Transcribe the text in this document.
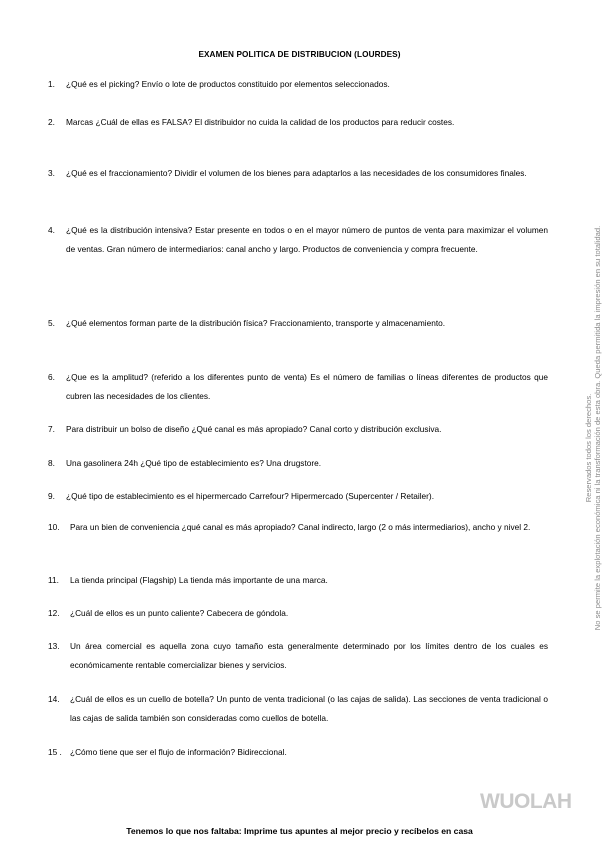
EXAMEN POLITICA DE DISTRIBUCION (LOURDES)
1. ¿Qué es el picking? Envío o lote de productos constituido por elementos seleccionados.
2. Marcas ¿Cuál de ellas es FALSA? El distribuidor no cuida la calidad de los productos para reducir costes.
3. ¿Qué es el fraccionamiento? Dividir el volumen de los bienes para adaptarlos a las necesidades de los consumidores finales.
4. ¿Qué es la distribución intensiva? Estar presente en todos o en el mayor número de puntos de venta para maximizar el volumen de ventas. Gran número de intermediarios: canal ancho y largo. Productos de conveniencia y compra frecuente.
5. ¿Qué elementos forman parte de la distribución física? Fraccionamiento, transporte y almacenamiento.
6. ¿Que es la amplitud? (referido a los diferentes punto de venta) Es el número de familias o líneas diferentes de productos que cubren las necesidades de los clientes.
7. Para distribuir un bolso de diseño ¿Qué canal es más apropiado? Canal corto y distribución exclusiva.
8. Una gasolinera 24h ¿Qué tipo de establecimiento es? Una drugstore.
9. ¿Qué tipo de establecimiento es el hipermercado Carrefour? Hipermercado (Supercenter / Retailer).
10. Para un bien de conveniencia ¿qué canal es más apropiado? Canal indirecto, largo (2 o más intermediarios), ancho y nivel 2.
11. La tienda principal (Flagship) La tienda más importante de una marca.
12. ¿Cuál de ellos es un punto caliente? Cabecera de góndola.
13. Un área comercial es aquella zona cuyo tamaño esta generalmente determinado por los límites dentro de los cuales es económicamente rentable comercializar bienes y servicios.
14. ¿Cuál de ellos es un cuello de botella? Un punto de venta tradicional (o las cajas de salida). Las secciones de venta tradicional o las cajas de salida también son consideradas como cuellos de botella.
15 . ¿Cómo tiene que ser el flujo de información? Bidireccional.
Reservados todos los derechos. No se permite la explotación económica ni la transformación de esta obra. Queda permitida la impresión en su totalidad.
WUOLAH
Tenemos lo que nos faltaba: Imprime tus apuntes al mejor precio y recíbelos en casa
